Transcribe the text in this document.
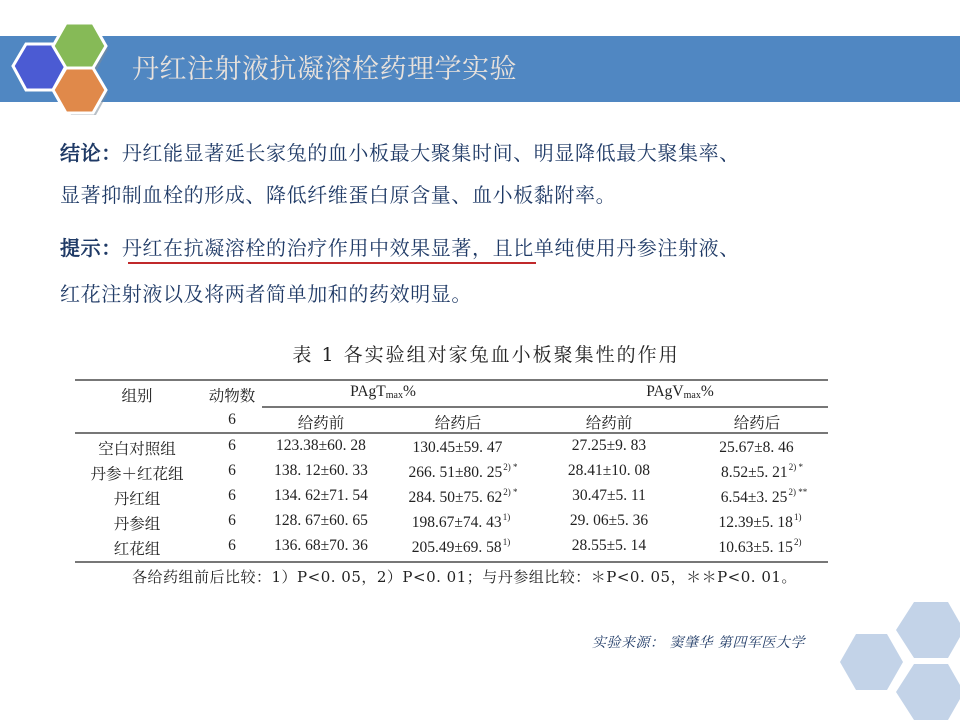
丹红注射液抗凝溶栓药理学实验
结论：丹红能显著延长家兔的血小板最大聚集时间、明显降低最大聚集率、
显著抑制血栓的形成、降低纤维蛋白原含量、血小板黏附率。
提示：丹红在抗凝溶栓的治疗作用中效果显著，且比单纯使用丹参注射液、
红花注射液以及将两者简单加和的药效明显。
表 1 各实验组对家兔血小板聚集性的作用
组别	动物数	PAgT$_{max}$%	PAgV$_{max}$%
6	给药前	给药后	给药前	给药后
空白对照组	6	123.38±60. 28	130.45±59. 47	27.25±9. 83	25.67±8. 46
丹参＋红花组	6 138. 12±60. 33	266. 51±80. $25^{2) *}$	28.41±10. 08	8.52±5. $21^{2) *}$
丹红组	6 134. 62±71. 54	284. 50±75. $62^{2) *}$	30.47±5. 11	6.54±3. $25^{2) **}$
丹参组	6 128. 67±60. 65	198.67±74. 43$^{1)}$	29. 06±5. 36	12.39±5. 18$^{1)}$
红花组	6 136. 68±70. 36	205.49±69. 58$^{1)}$	28.55±5. 14	10.63±5. 15$^{2)}$
各给药组前后比较：1）P<0. 05，2）P<0. 01；与丹参组比较：＊P<0. 05，＊＊P<0. 01。
实验来源： 窦肇华 第四军医大学
